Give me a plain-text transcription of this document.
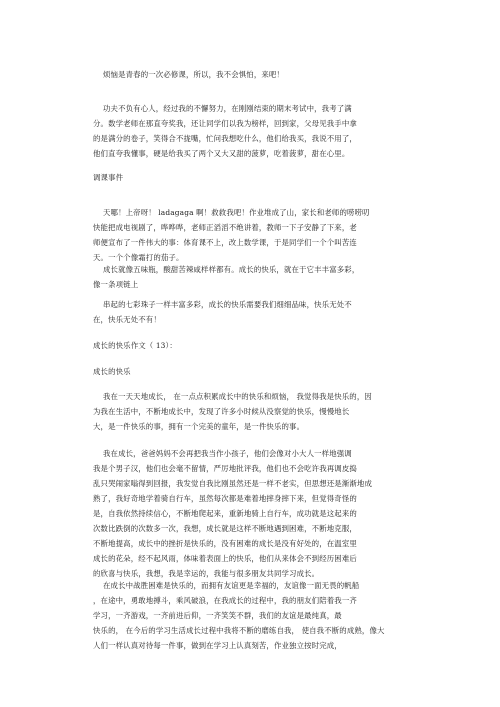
烦恼是青春的一次必修课，所以，我不会惧怕，来吧！
功夫不负有心人，经过我的不懈努力，在刚刚结束的期末考试中，我考了满
分。数学老师在那直夸奖我，还让同学们以我为榜样，回到家，父母见我手中拿
的是满分的卷子，笑得合不拢嘴，忙问我想吃什么，他们给我买，我说不用了，
他们直夸我懂事，硬是给我买了两个又大又甜的菠萝，吃着菠萝，甜在心里。
调课事件
天哪！上帝呀！ ladagaga 啊！救救我吧！作业堆成了山，家长和老师的唠唠叨
快能把成电视剧了，哗哗哗，老师正滔滔不绝讲着，教师一下子安静了下来，老
师便宣布了一件伟大的事：体育课不上，改上数学课，于是同学们一个个叫苦连
天。一个个像霜打的茄子。
成长就像五味瓶，酸甜苦辣咸样样都有。成长的快乐，就在于它丰丰富多彩，
像一条项链上
串起的七彩珠子一样丰富多彩，成长的快乐需要我们细细品味，快乐无处不
在，快乐无处不有！
成长的快乐作文（ 13）：
成长的快乐
我在一天天地成长， 在一点点积累成长中的快乐和烦恼， 我觉得我是快乐的，因
为我在生活中，不断地成长中，发现了许多小时候从没察觉的快乐，慢慢地长
大，是一件快乐的事，拥有一个完美的童年，是一件快乐的事。
我在成长，爸爸妈妈不会再把我当作小孩子，他们会像对小大人一样地强调
我是个男子汉，他们也会毫不留情，严厉地批评我，他们也不会吃许我再调皮捣
乱只哭闹家嗡得到回报，我发觉自我比刚虽然还是一样不老实，但思想还是渐渐地成
熟了，我好奇地学着骑自行车，虽然每次都是难着地摔身摔下来，但觉得奇怪的
是，自我依然持续信心，不断地爬起来，重新地骑上自行车，成功就是这起来的
次数比跌倒的次数多一次，我想，成长就是这样不断地遇到困难，不断地克服，
不断地提高，成长中的挫折是快乐的，没有困难的成长是没有好处的，在温室里
成长的花朵，经不起风雨，体味着表面上的快乐，他们从来体会不到经历困难后
的欣喜与快乐，我想，我是幸运的，我能与很多朋友共同学习成长。
在成长中战胜困难是快乐的，而拥有友谊更是幸福的，友谊像一面无畏的帆船
，在途中，勇敢地搏斗，乘风破浪，在我成长的过程中，我的朋友们陪着我一齐
学习，一齐游戏，一齐前进后仰，一齐笑笑不群，我们的友谊是最纯真，最
快乐的， 在今后的学习生活成长过程中我将不断的磨练自我， 使自我不断的成熟，像大
人们一样认真对待每一件事，做到在学习上认真刻苦，作业独立按时完成，
